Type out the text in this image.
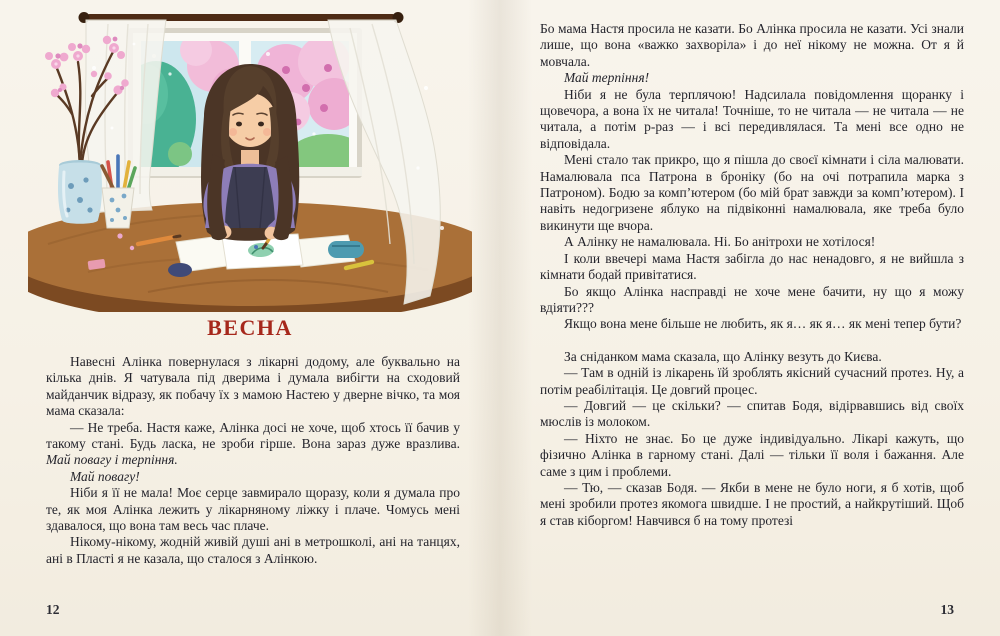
ВЕСНА

Навесні Алінка повернулася з лікарні додому, але буквально на кілька днів. Я чатувала під дверима і думала вибігти на сходовий майданчик відразу, як побачу їх з мамою Настею у дверне вічко, та моя мама сказала:

— Не треба. Настя каже, Алінка досі не хоче, щоб хтось її бачив у такому стані. Будь ласка, не зроби гірше. Вона зараз дуже вразлива. Май повагу і терпіння.

Май повагу!

Ніби я її не мала! Моє серце завмирало щоразу, коли я думала про те, як моя Алінка лежить у лікарняному ліжку і плаче. Чомусь мені здавалося, що вона там весь час плаче.

Нікому-нікому, жодній живій душі ані в метрошколі, ані на танцях, ані в Пласті я не казала, що сталося з Алінкою.

12

Бо мама Настя просила не казати. Бо Алінка просила не казати. Усі знали лише, що вона «важко захворіла» і до неї нікому не можна. От я й мовчала.

Май терпіння!

Ніби я не була терплячою! Надсилала повідомлення щоранку і щовечора, а вона їх не читала! Точніше, то не читала — не читала — не читала, а потім р-раз — і всі передивлялася. Та мені все одно не відповідала.

Мені стало так прикро, що я пішла до своєї кімнати і сіла малювати. Намалювала пса Патрона в броніку (бо на очі потрапила марка з Патроном). Бодю за компʼютером (бо мій брат завжди за компʼютером). І навіть недогризене яблуко на підвіконні намалювала, яке треба було викинути ще вчора.

А Алінку не намалювала. Ні. Бо анітрохи не хотілося!

І коли ввечері мама Настя забігла до нас ненадовго, я не вийшла з кімнати бодай привітатися.

Бо якщо Алінка насправді не хоче мене бачити, ну що я можу вдіяти???

Якщо вона мене більше не любить, як я… як я… як мені тепер бути?

За сніданком мама сказала, що Алінку везуть до Києва.

— Там в одній із лікарень їй зроблять якісний сучасний протез. Ну, а потім реабілітація. Це довгий процес.

— Довгий — це скільки? — спитав Бодя, відірвавшись від своїх мюслів із молоком.

— Ніхто не знає. Бо це дуже індивідуально. Лікарі кажуть, що фізично Алінка в гарному стані. Далі — тільки її воля і бажання. Але саме з цим і проблеми.

— Тю, — сказав Бодя. — Якби в мене не було ноги, я б хотів, щоб мені зробили протез якомога швидше. І не простий, а найкрутіший. Щоб я став кіборгом! Навчився б на тому протезі

13
